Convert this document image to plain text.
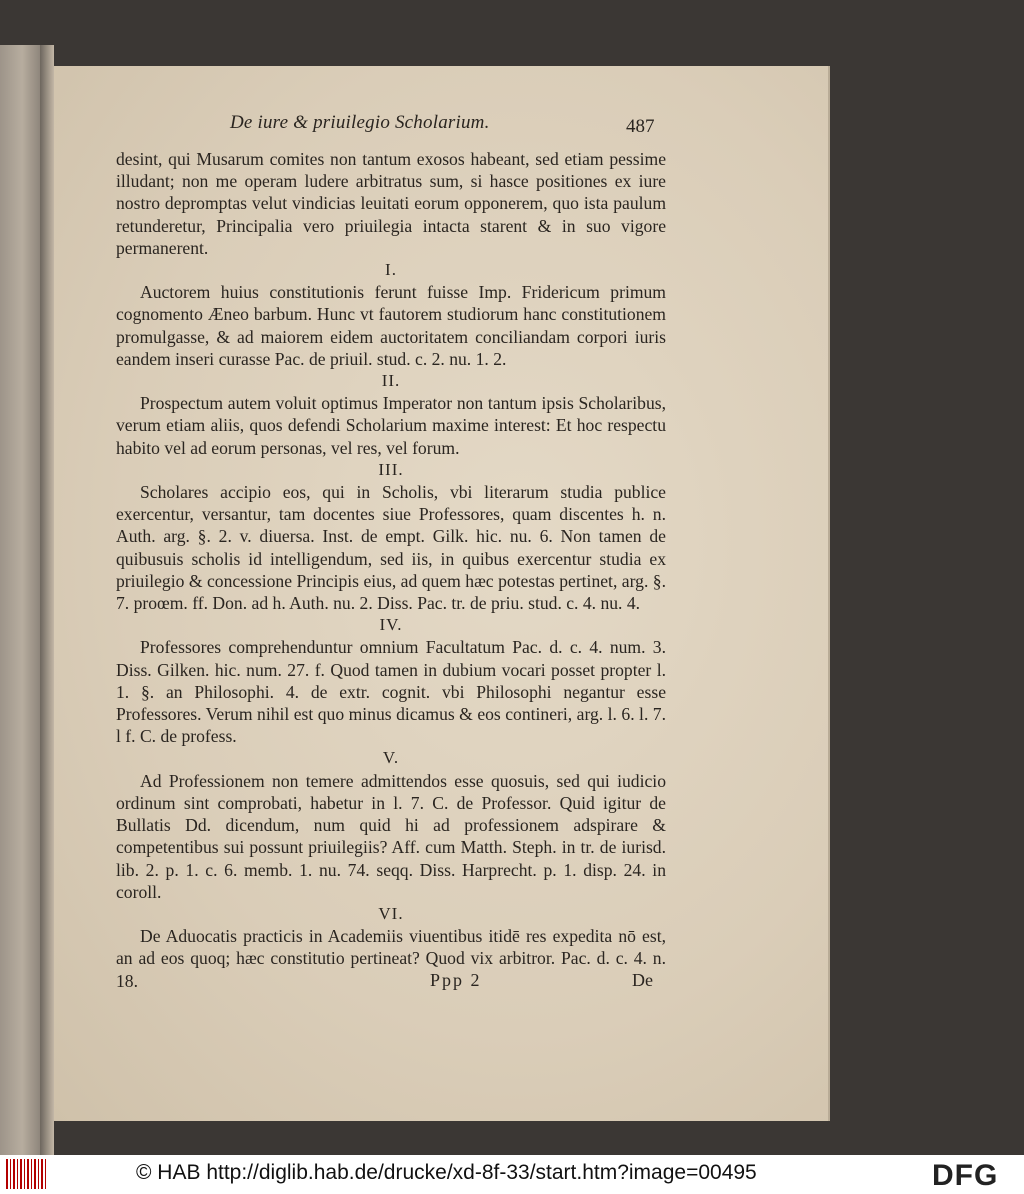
De iure & priuilegio Scholarium.	487

desint, qui Musarum comites non tantum exosos habeant, sed etiam pessime illudant; non me operam ludere arbitratus sum, si hasce positiones ex iure nostro depromptas velut vindicias leuitati eorum opponerem, quo ista paulum retunderetur, Principalia vero priuilegia intacta starent & in suo vigore permanerent.

I.

Auctorem huius constitutionis ferunt fuisse Imp. Fridericum primum cognomento Æneo barbum. Hunc vt fautorem studiorum hanc constitutionem promulgasse, & ad maiorem eidem auctoritatem conciliandam corpori iuris eandem inseri curasse Pac. de priuil. stud. c. 2. nu. 1. 2.

II.

Prospectum autem voluit optimus Imperator non tantum ipsis Scholaribus, verum etiam aliis, quos defendi Scholarium maxime interest: Et hoc respectu habito vel ad eorum personas, vel res, vel forum.

III.

Scholares accipio eos, qui in Scholis, vbi literarum studia publice exercentur, versantur, tam docentes siue Professores, quam discentes h. n. Auth. arg. §. 2. v. diuersa. Inst. de empt. Gilk. hic. nu. 6. Non tamen de quibusuis scholis id intelligendum, sed iis, in quibus exercentur studia ex priuilegio & concessione Principis eius, ad quem hæc potestas pertinet, arg. §. 7. proœm. ff. Don. ad h. Auth. nu. 2. Diss. Pac. tr. de priu. stud. c. 4. nu. 4.

IV.

Professores comprehenduntur omnium Facultatum Pac. d. c. 4. num. 3. Diss. Gilken. hic. num. 27. f. Quod tamen in dubium vocari posset propter l. 1. §. an Philosophi. 4. de extr. cognit. vbi Philosophi negantur esse Professores. Verum nihil est quo minus dicamus & eos contineri, arg. l. 6. l. 7. l f. C. de profess.

V.

Ad Professionem non temere admittendos esse quosuis, sed qui iudicio ordinum sint comprobati, habetur in l. 7. C. de Professor. Quid igitur de Bullatis Dd. dicendum, num quid hi ad professionem adspirare & competentibus sui possunt priuilegiis? Aff. cum Matth. Steph. in tr. de iurisd. lib. 2. p. 1. c. 6. memb. 1. nu. 74. seqq. Diss. Harprecht. p. 1. disp. 24. in coroll.

VI.

De Aduocatis practicis in Academiis viuentibus itidē res expedita nō est, an ad eos quoq; hæc constitutio pertineat? Quod vix arbitror. Pac. d. c. 4. n. 18.	Ppp 2	De
© HAB http://diglib.hab.de/drucke/xd-8f-33/start.htm?image=00495	DFG
